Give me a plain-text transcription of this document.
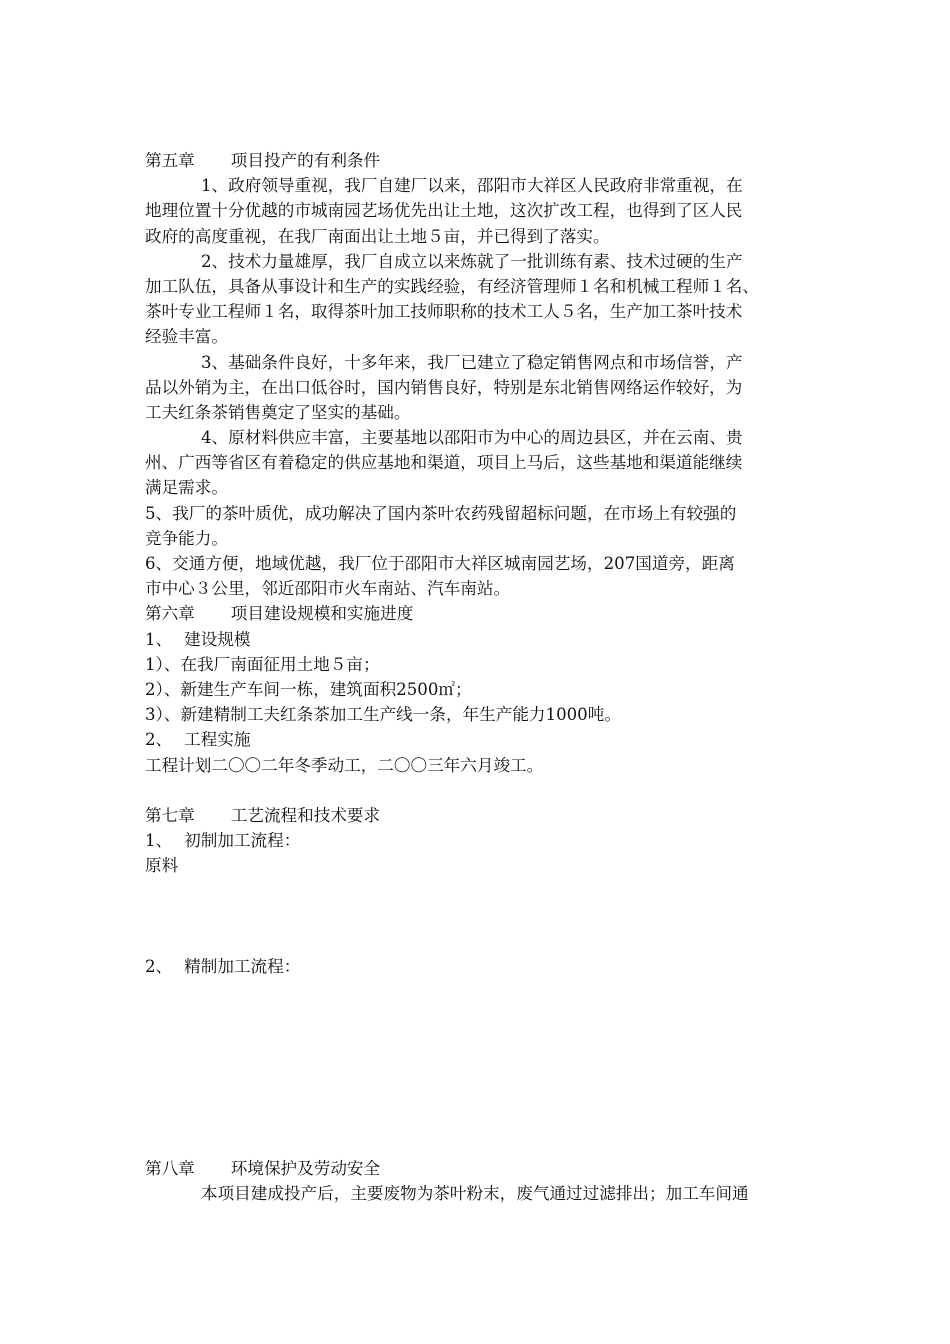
第五章 项目投产的有利条件
1、政府领导重视，我厂自建厂以来，邵阳市大祥区人民政府非常重视，在
地理位置十分优越的市城南园艺场优先出让土地，这次扩改工程，也得到了区人民
政府的高度重视，在我厂南面出让土地５亩，并已得到了落实。
2、技术力量雄厚，我厂自成立以来炼就了一批训练有素、技术过硬的生产
加工队伍，具备从事设计和生产的实践经验，有经济管理师１名和机械工程师１名、
茶叶专业工程师１名，取得茶叶加工技师职称的技术工人５名，生产加工茶叶技术
经验丰富。
3、基础条件良好，十多年来，我厂已建立了稳定销售网点和市场信誉，产
品以外销为主，在出口低谷时，国内销售良好，特别是东北销售网络运作较好，为
工夫红条茶销售奠定了坚实的基础。
4、原材料供应丰富，主要基地以邵阳市为中心的周边县区，并在云南、贵
州、广西等省区有着稳定的供应基地和渠道，项目上马后，这些基地和渠道能继续
满足需求。
5、我厂的茶叶质优，成功解决了国内茶叶农药残留超标问题，在市场上有较强的
竞争能力。
6、交通方便，地域优越，我厂位于邵阳市大祥区城南园艺场，207国道旁，距离
市中心３公里，邻近邵阳市火车南站、汽车南站。
第六章 项目建设规模和实施进度
1、 建设规模
1）、在我厂南面征用土地５亩；
2）、新建生产车间一栋，建筑面积2500㎡；
3）、新建精制工夫红条茶加工生产线一条，年生产能力1000吨。
2、 工程实施
工程计划二〇〇二年冬季动工，二〇〇三年六月竣工。
第七章 工艺流程和技术要求
1、 初制加工流程：
原料
2、 精制加工流程：
第八章 环境保护及劳动安全
本项目建成投产后，主要废物为茶叶粉末，废气通过过滤排出；加工车间通
